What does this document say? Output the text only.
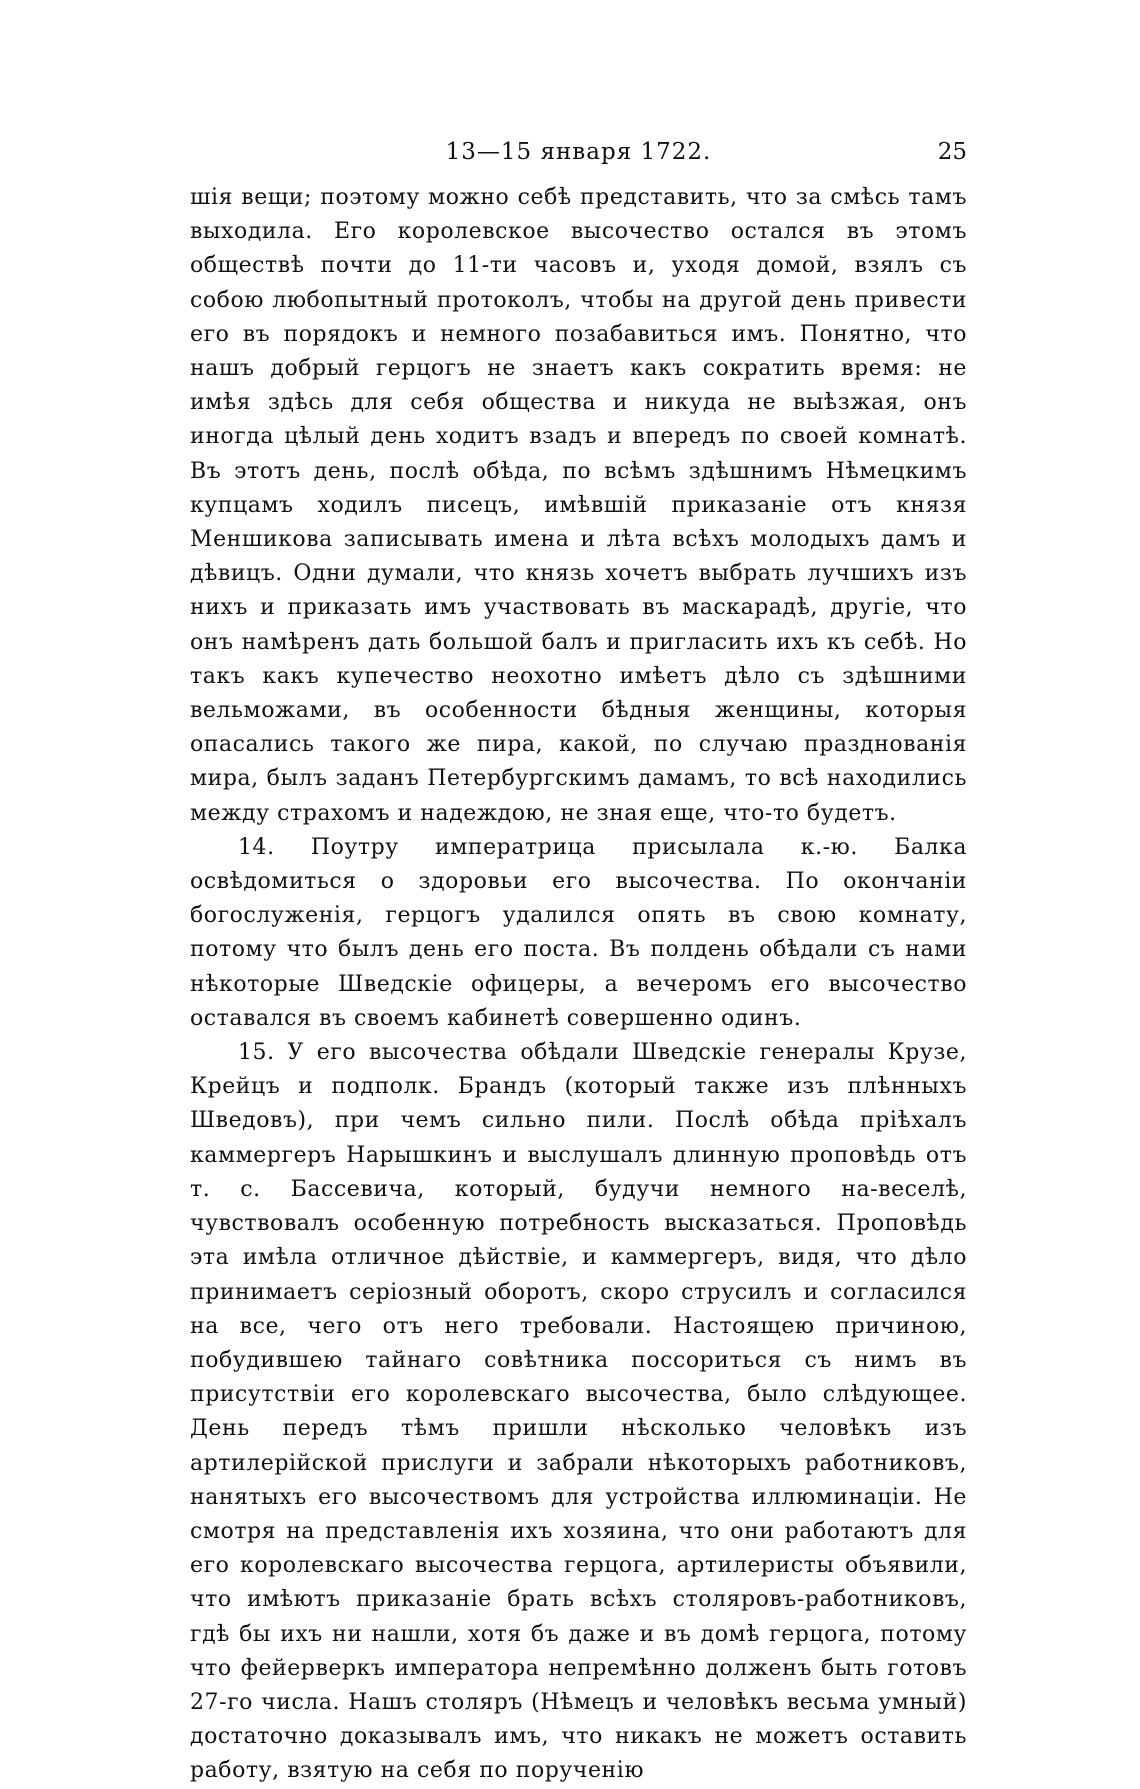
13—15 января 1722.	25

шія вещи; поэтому можно себѣ представить, что за смѣсь тамъ выходила. Его королевское высочество остался въ этомъ обществѣ почти до 11-ти часовъ и, уходя домой, взялъ съ собою любопытный протоколъ, чтобы на другой день привести его въ порядокъ и немного позабавиться имъ. Понятно, что нашъ добрый герцогъ не знаетъ какъ сократить время: не имѣя здѣсь для себя общества и никуда не выѣзжая, онъ иногда цѣлый день ходитъ взадъ и впередъ по своей комнатѣ. Въ этотъ день, послѣ обѣда, по всѣмъ здѣшнимъ Нѣмецкимъ купцамъ ходилъ писецъ, имѣвшій приказаніе отъ князя Меншикова записывать имена и лѣта всѣхъ молодыхъ дамъ и дѣвицъ. Одни думали, что князь хочетъ выбрать лучшихъ изъ нихъ и приказать имъ участвовать въ маскарадѣ, другіе, что онъ намѣренъ дать большой балъ и пригласить ихъ къ себѣ. Но такъ какъ купечество неохотно имѣетъ дѣло съ здѣшними вельможами, въ особенности бѣдныя женщины, которыя опасались такого же пира, какой, по случаю празднованія мира, былъ заданъ Петербургскимъ дамамъ, то всѣ находились между страхомъ и надеждою, не зная еще, что-то будетъ.

14. Поутру императрица присылала к.-ю. Балка освѣдомиться о здоровьи его высочества. По окончаніи богослуженія, герцогъ удалился опять въ свою комнату, потому что былъ день его поста. Въ полдень обѣдали съ нами нѣкоторые Шведскіе офицеры, а вечеромъ его высочество оставался въ своемъ кабинетѣ совершенно одинъ.

15. У его высочества обѣдали Шведскіе генералы Крузе, Крейцъ и подполк. Брандъ (который также изъ плѣнныхъ Шведовъ), при чемъ сильно пили. Послѣ обѣда пріѣхалъ каммергеръ Нарышкинъ и выслушалъ длинную проповѣдь отъ т. с. Бассевича, который, будучи немного на-веселѣ, чувствовалъ особенную потребность высказаться. Проповѣдь эта имѣла отличное дѣйствіе, и каммергеръ, видя, что дѣло принимаетъ серіозный оборотъ, скоро струсилъ и согласился на все, чего отъ него требовали. Настоящею причиною, побудившею тайнаго совѣтника поссориться съ нимъ въ присутствіи его королевскаго высочества, было слѣдующее. День передъ тѣмъ пришли нѣсколько человѣкъ изъ артилерійской прислуги и забрали нѣкоторыхъ работниковъ, нанятыхъ его высочествомъ для устройства иллюминаціи. Не смотря на представленія ихъ хозяина, что они работаютъ для его королевскаго высочества герцога, артилеристы объявили, что имѣютъ приказаніе брать всѣхъ столяровъ-работниковъ, гдѣ бы ихъ ни нашли, хотя бъ даже и въ домѣ герцога, потому что фейерверкъ императора непремѣнно долженъ быть готовъ 27-го числа. Нашъ столяръ (Нѣмецъ и человѣкъ весьма умный) достаточно доказывалъ имъ, что никакъ не можетъ оставить работу, взятую на себя по порученію
